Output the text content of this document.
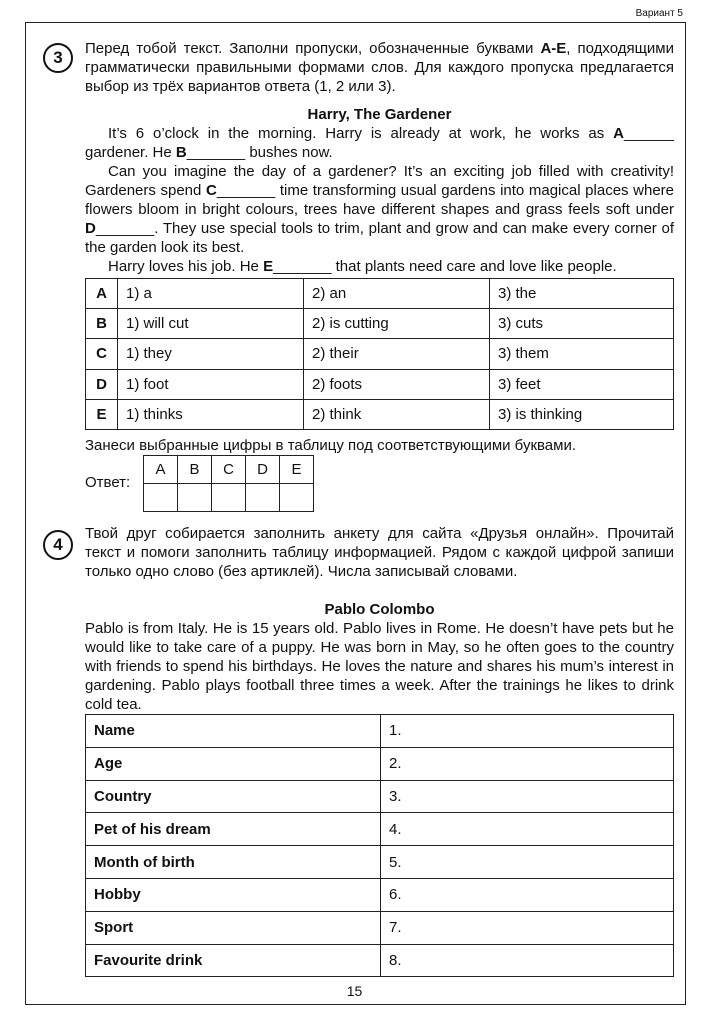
Вариант 5
3	Перед тобой текст. Заполни пропуски, обозначенные буквами A-E, подходящими грамматически правильными формами слов. Для каждого пропуска предлагается выбор из трёх вариантов ответа (1, 2 или 3).
Harry, The Gardener

It’s 6 o’clock in the morning. Harry is already at work, he works as A______ gardener. He B_______ bushes now.

Can you imagine the day of a gardener? It’s an exciting job filled with creativity! Gardeners spend C_______ time transforming usual gardens into magical places where flowers bloom in bright colours, trees have different shapes and grass feels soft under D_______. They use special tools to trim, plant and grow and can make every corner of the garden look its best.

Harry loves his job. He E_______ that plants need care and love like people.

A	1) a	2) an	3) the
B	1) will cut	2) is cutting	3) cuts
C	1) they	2) their	3) them
D	1) foot	2) foots	3) feet
E	1) thinks	2) think	3) is thinking
Занеси выбранные цифры в таблицу под соответствующими буквами.
Ответ:
A	B	C	D	E

4
Твой друг собирается заполнить анкету для сайта «Друзья онлайн». Прочитай текст и помоги заполнить таблицу информацией. Рядом с каждой цифрой запиши только одно слово (без артиклей). Числа записывай словами.
Pablo Colombo
Pablo is from Italy. He is 15 years old. Pablo lives in Rome. He doesn’t have pets but he would like to take care of a puppy. He was born in May, so he often goes to the country with friends to spend his birthdays. He loves the nature and shares his mum’s interest in gardening. Pablo plays football three times a week. After the trainings he likes to drink cold tea.
Name	1.
Age	2.
Country	3.
Pet of his dream	4.
Month of birth	5.
Hobby	6.
Sport	7.
Favourite drink	8.
15
